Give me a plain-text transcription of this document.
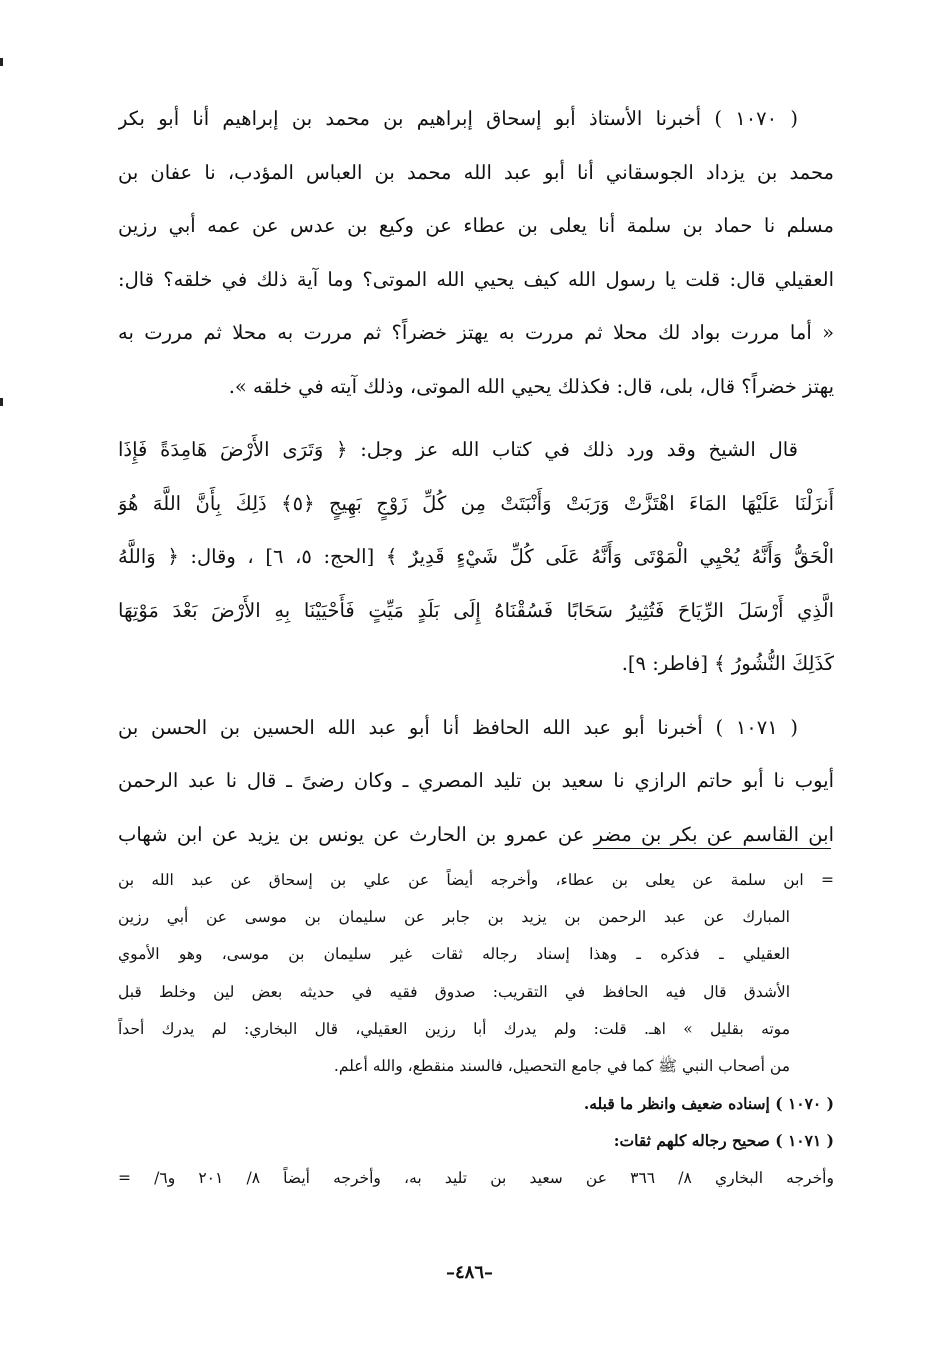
( ١٠٧٠ ) أخبرنا الأستاذ أبو إسحاق إبراهيم بن محمد بن إبراهيم أنا أبو بكر
محمد بن يزداد الجوسقاني أنا أبو عبد الله محمد بن العباس المؤدب، نا عفان بن
مسلم نا حماد بن سلمة أنا يعلى بن عطاء عن وكيع بن عدس عن عمه أبي رزين
العقيلي قال: قلت يا رسول الله كيف يحيي الله الموتى؟ وما آية ذلك في خلقه؟ قال:
« أما مررت بواد لك محلا ثم مررت به يهتز خضراً؟ ثم مررت به محلا ثم مررت به
يهتز خضراً؟ قال، بلى، قال: فكذلك يحيي الله الموتى، وذلك آيته في خلقه ».
قال الشيخ وقد ورد ذلك في كتاب الله عز وجل: ﴿ وَتَرَى الأَرْضَ هَامِدَةً فَإِذَا
أَنزَلْنَا عَلَيْهَا المَاءَ اهْتَزَّتْ وَرَبَتْ وَأَنْبَتَتْ مِن كُلِّ زَوْجٍ بَهِيجٍ ﴿٥﴾ ذَلِكَ بِأَنَّ اللَّهَ هُوَ
الْحَقُّ وَأَنَّهُ يُحْيِي الْمَوْتَى وَأَنَّهُ عَلَى كُلِّ شَيْءٍ قَدِيرٌ ﴾ [الحج: ٥، ٦] ، وقال: ﴿ وَاللَّهُ
الَّذِي أَرْسَلَ الرِّيَاحَ فَتُثِيرُ سَحَابًا فَسُقْنَاهُ إِلَى بَلَدٍ مَيِّتٍ فَأَحْيَيْنَا بِهِ الأَرْضَ بَعْدَ مَوْتِهَا
كَذَلِكَ النُّشُورُ ﴾ [فاطر: ٩].
( ١٠٧١ ) أخبرنا أبو عبد الله الحافظ أنا أبو عبد الله الحسين بن الحسن بن
أيوب نا أبو حاتم الرازي نا سعيد بن تليد المصري ـ وكان رضىً ـ قال نا عبد الرحمن
ابن القاسم عن بكر بن مضر عن عمرو بن الحارث عن يونس بن يزيد عن ابن شهاب
= ابن سلمة عن يعلى بن عطاء، وأخرجه أيضاً عن علي بن إسحاق عن عبد الله بن
المبارك عن عبد الرحمن بن يزيد بن جابر عن سليمان بن موسى عن أبي رزين
العقيلي ـ فذكره ـ وهذا إسناد رجاله ثقات غير سليمان بن موسى، وهو الأموي
الأشدق قال فيه الحافظ في التقريب: صدوق فقيه في حديثه بعض لين وخلط قبل
موته بقليل » اهـ. قلت: ولم يدرك أبا رزين العقيلي، قال البخاري: لم يدرك أحداً
من أصحاب النبي ﷺ كما في جامع التحصيل، فالسند منقطع، والله أعلم.
( ١٠٧٠ ) إسناده ضعيف وانظر ما قبله.
( ١٠٧١ ) صحيح رجاله كلهم ثقات:
وأخرجه البخاري ٨/ ٣٦٦ عن سعيد بن تليد به، وأخرجه أيضاً ٨/ ٢٠١ و٦/ =
–٤٨٦–
